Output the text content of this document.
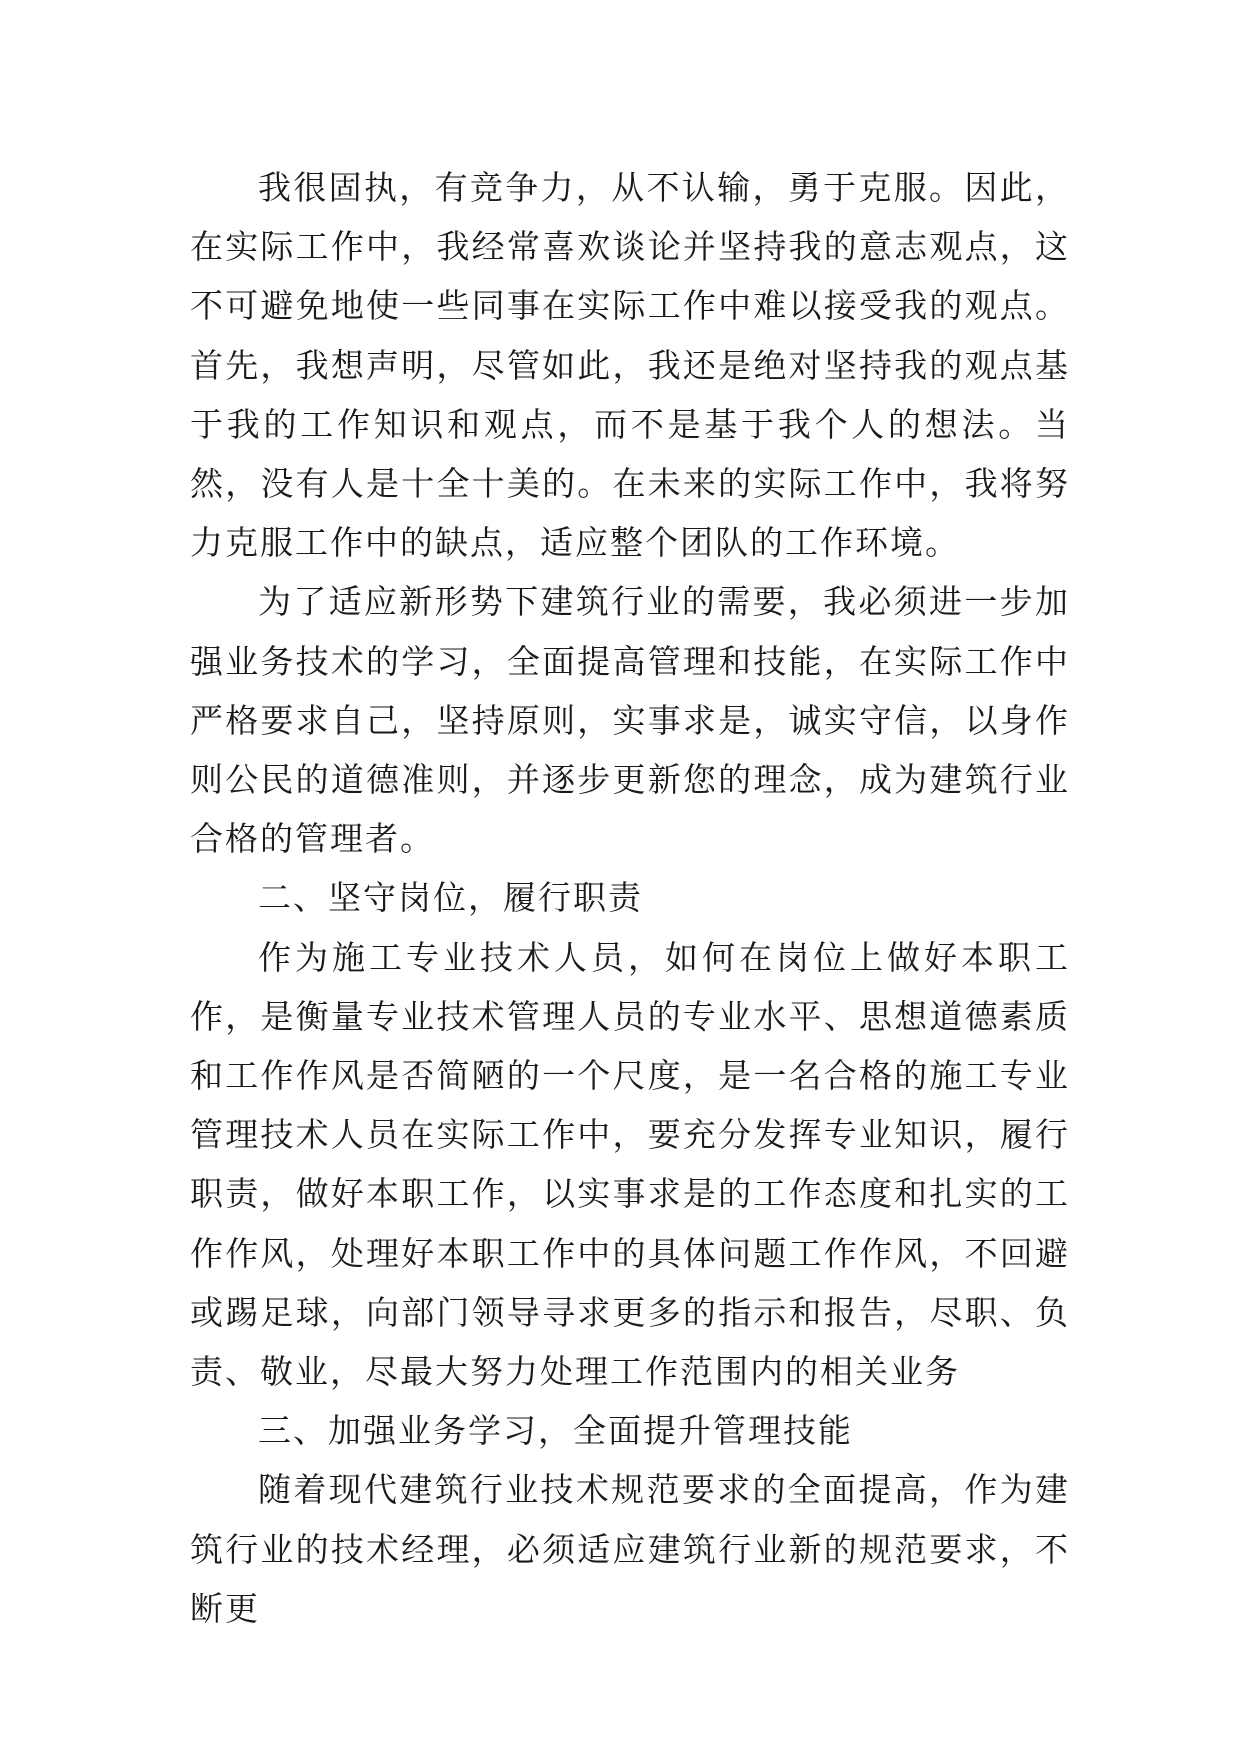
我很固执，有竞争力，从不认输，勇于克服。因此，在实际工作中，我经常喜欢谈论并坚持我的意志观点，这不可避免地使一些同事在实际工作中难以接受我的观点。首先，我想声明，尽管如此，我还是绝对坚持我的观点基于我的工作知识和观点，而不是基于我个人的想法。当然，没有人是十全十美的。在未来的实际工作中，我将努力克服工作中的缺点，适应整个团队的工作环境。

为了适应新形势下建筑行业的需要，我必须进一步加强业务技术的学习，全面提高管理和技能，在实际工作中严格要求自己，坚持原则，实事求是，诚实守信，以身作则公民的道德准则，并逐步更新您的理念，成为建筑行业合格的管理者。

二、坚守岗位，履行职责

作为施工专业技术人员，如何在岗位上做好本职工作，是衡量专业技术管理人员的专业水平、思想道德素质和工作作风是否简陋的一个尺度，是一名合格的施工专业管理技术人员在实际工作中，要充分发挥专业知识，履行职责，做好本职工作，以实事求是的工作态度和扎实的工作作风，处理好本职工作中的具体问题工作作风，不回避或踢足球，向部门领导寻求更多的指示和报告，尽职、负责、敬业，尽最大努力处理工作范围内的相关业务

三、加强业务学习，全面提升管理技能

随着现代建筑行业技术规范要求的全面提高，作为建筑行业的技术经理，必须适应建筑行业新的规范要求，不断更
